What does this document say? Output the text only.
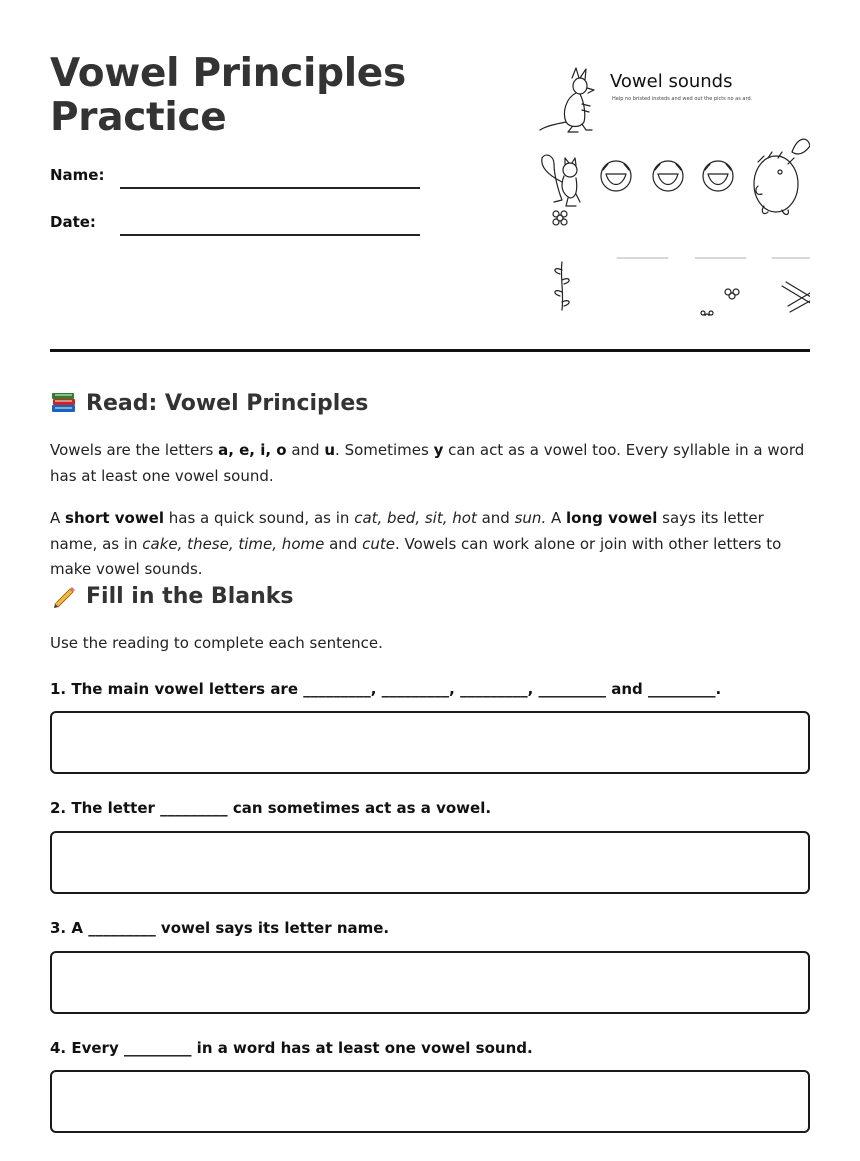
Vowel Principles Practice
Name:
Date:
Vowel sounds
Help no bristed insteds and wed out the picts no as ard.
Read: Vowel Principles

Vowels are the letters a, e, i, o and u. Sometimes y can act as a vowel too. Every syllable in a word has at least one vowel sound.

A short vowel has a quick sound, as in cat, bed, sit, hot and sun. A long vowel says its letter name, as in cake, these, time, home and cute. Vowels can work alone or join with other letters to make vowel sounds.

Fill in the Blanks

Use the reading to complete each sentence.

1. The main vowel letters are _________, _________, _________, _________ and _________.
2. The letter _________ can sometimes act as a vowel.
3. A _________ vowel says its letter name.
4. Every _________ in a word has at least one vowel sound.
